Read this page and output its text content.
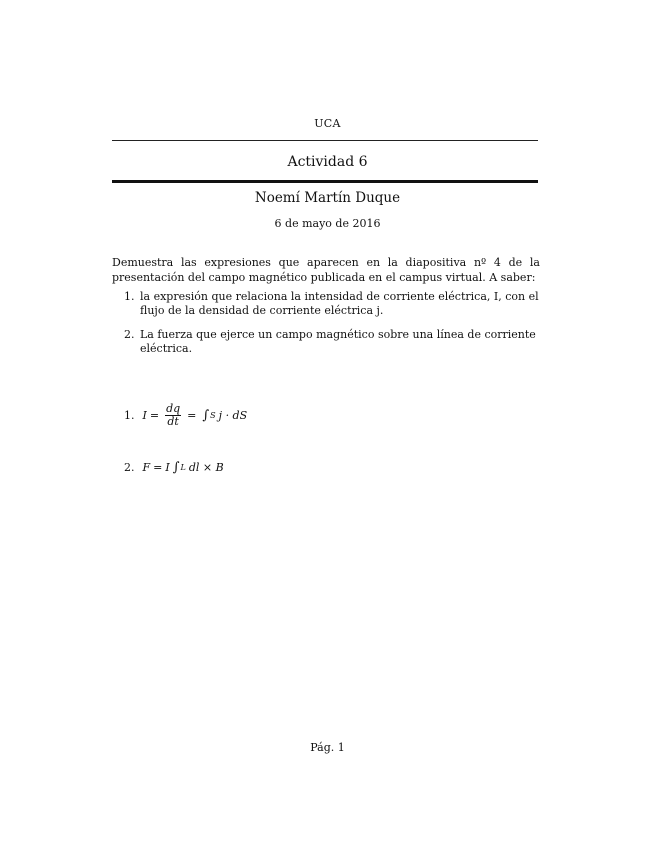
UCA
Actividad 6
Noemí Martín Duque
6 de mayo de 2016

Demuestra las expresiones que aparecen en la diapositiva nº 4 de la presentación del campo magnético publicada en el campus virtual. A saber:

1. la expresión que relaciona la intensidad de corriente eléctrica, I, con el flujo de la densidad de corriente eléctrica j.
2. La fuerza que ejerce un campo magnético sobre una línea de corriente eléctrica.
1. $I = \frac{dq}{dt}$ = ∫ S j · dS
2. F = I ∫ L dl × B
Pág. 1
